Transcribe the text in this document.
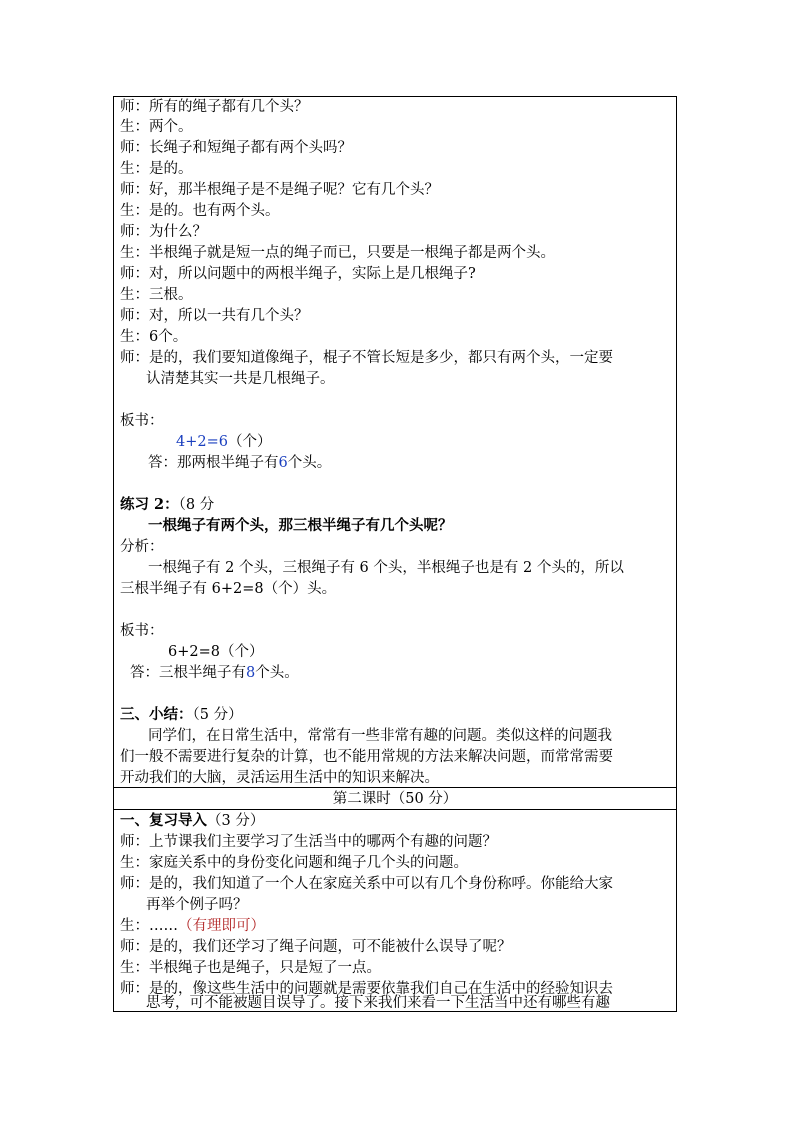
师：所有的绳子都有几个头？
生：两个。
师：长绳子和短绳子都有两个头吗？
生：是的。
师：好，那半根绳子是不是绳子呢？它有几个头？
生：是的。也有两个头。
师：为什么？
生：半根绳子就是短一点的绳子而已，只要是一根绳子都是两个头。
师：对，所以问题中的两根半绳子，实际上是几根绳子?
生：三根。
师：对，所以一共有几个头？
生：6个。
师：是的，我们要知道像绳子，棍子不管长短是多少，都只有两个头，一定要
认清楚其实一共是几根绳子。
板书：
4+2=6（个）
答：那两根半绳子有6个头。
练习 2：（8 分
一根绳子有两个头，那三根半绳子有几个头呢？
分析：
一根绳子有 2 个头，三根绳子有 6 个头，半根绳子也是有 2 个头的，所以
三根半绳子有 6+2=8（个）头。
板书：
6+2=8（个）
答：三根半绳子有8个头。
三、小结：（5 分）
同学们，在日常生活中，常常有一些非常有趣的问题。类似这样的问题我
们一般不需要进行复杂的计算，也不能用常规的方法来解决问题，而常常需要
开动我们的大脑，灵活运用生活中的知识来解决。
第二课时（50 分）
一、复习导入（3 分）
师：上节课我们主要学习了生活当中的哪两个有趣的问题？
生：家庭关系中的身份变化问题和绳子几个头的问题。
师：是的，我们知道了一个人在家庭关系中可以有几个身份称呼。你能给大家
再举个例子吗？
生：……（有理即可）
师：是的，我们还学习了绳子问题，可不能被什么误导了呢？
生：半根绳子也是绳子，只是短了一点。
师：是的，像这些生活中的问题就是需要依靠我们自己在生活中的经验知识去
思考，可不能被题目误导了。接下来我们来看一下生活当中还有哪些有趣
